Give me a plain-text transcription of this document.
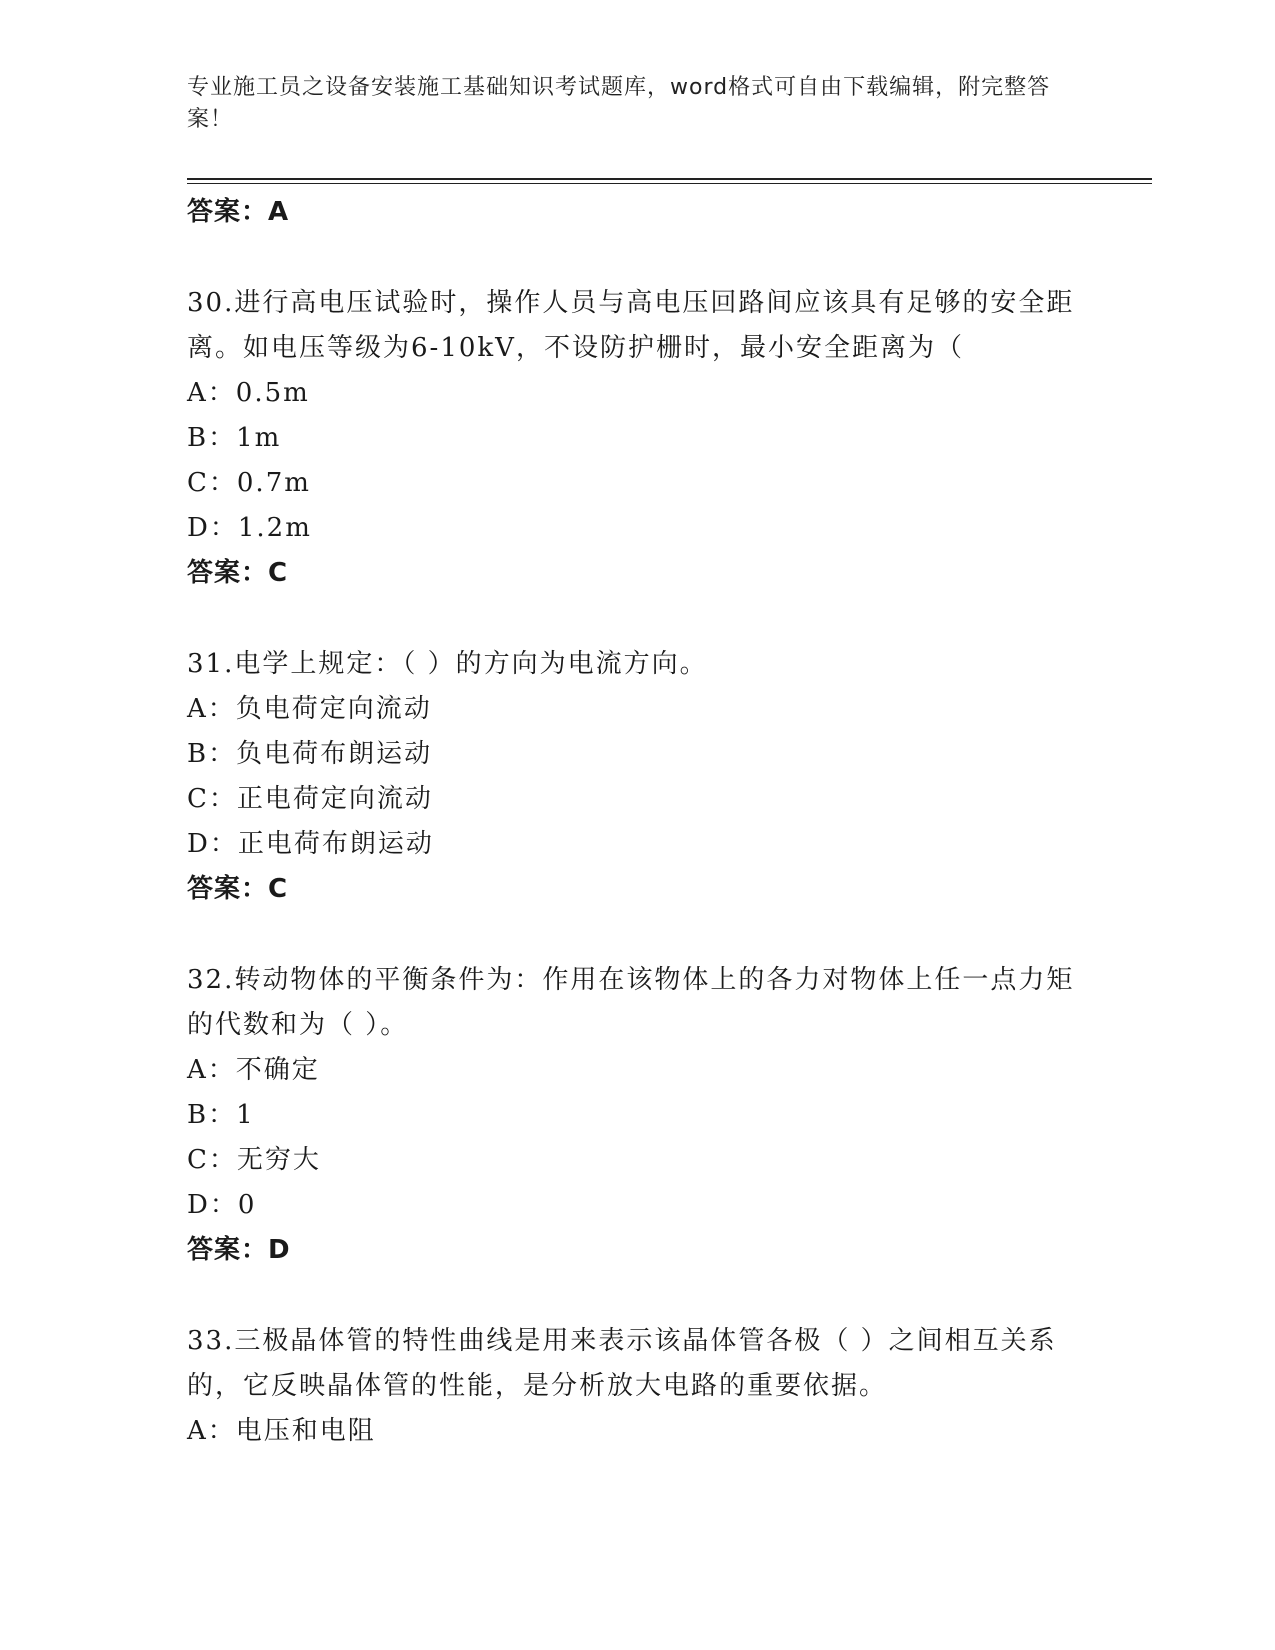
专业施工员之设备安装施工基础知识考试题库，word格式可自由下载编辑，附完整答案！
答案：A
30.进行高电压试验时，操作人员与高电压回路间应该具有足够的安全距离。如电压等级为6-10kV，不设防护栅时，最小安全距离为（
A：0.5m
B：1m
C：0.7m
D：1.2m
答案：C
31.电学上规定：（ ）的方向为电流方向。
A：负电荷定向流动
B：负电荷布朗运动
C：正电荷定向流动
D：正电荷布朗运动
答案：C
32.转动物体的平衡条件为：作用在该物体上的各力对物体上任一点力矩的代数和为（ ）。
A：不确定
B：1
C：无穷大
D：0
答案：D
33.三极晶体管的特性曲线是用来表示该晶体管各极（ ）之间相互关系的，它反映晶体管的性能，是分析放大电路的重要依据。
A：电压和电阻
